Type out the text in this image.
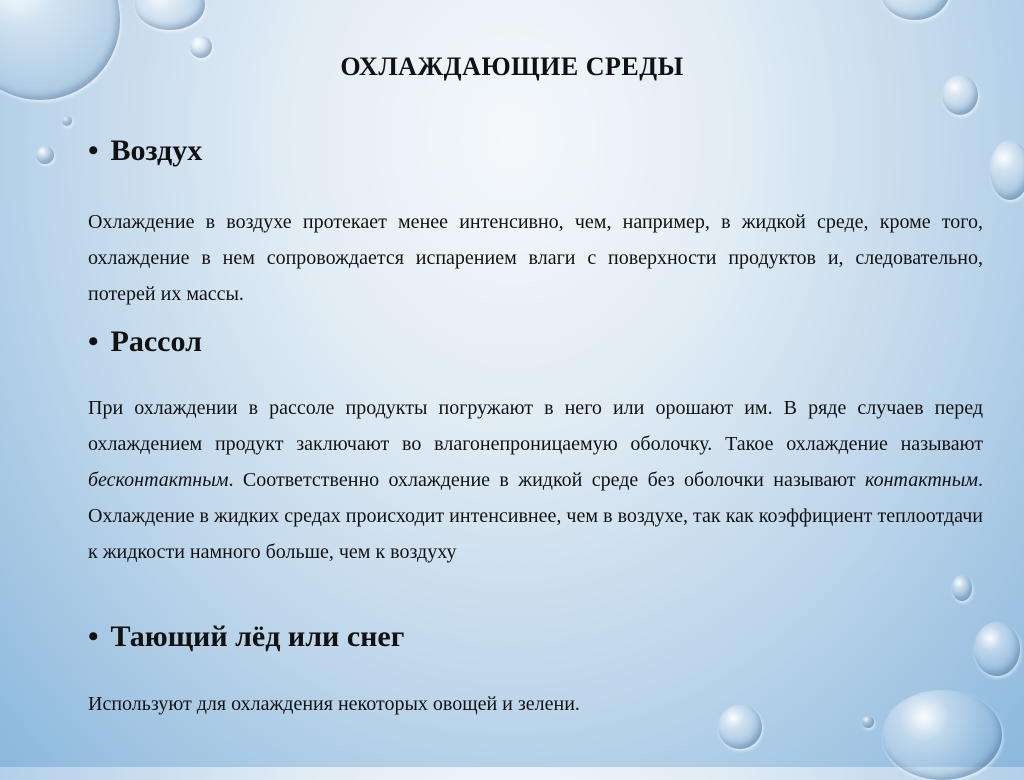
ОХЛАЖДАЮЩИЕ СРЕДЫ
• Воздух
Охлаждение в воздухе протекает менее интенсивно, чем, например, в жидкой среде, кроме того, охлаждение в нем сопровождается испарением влаги с поверхности продуктов и, следовательно, потерей их массы.
• Рассол
При охлаждении в рассоле продукты погружают в него или орошают им. В ряде случаев перед охлаждением продукт заключают во влагонепроницаемую оболочку. Такое охлаждение называют бесконтактным. Соответственно охлаждение в жидкой среде без оболочки называют контактным. Охлаждение в жидких средах происходит интенсивнее, чем в воздухе, так как коэффициент теплоотдачи к жидкости намного больше, чем к воздуху
• Тающий лёд или снег
Используют для охлаждения некоторых овощей и зелени.
